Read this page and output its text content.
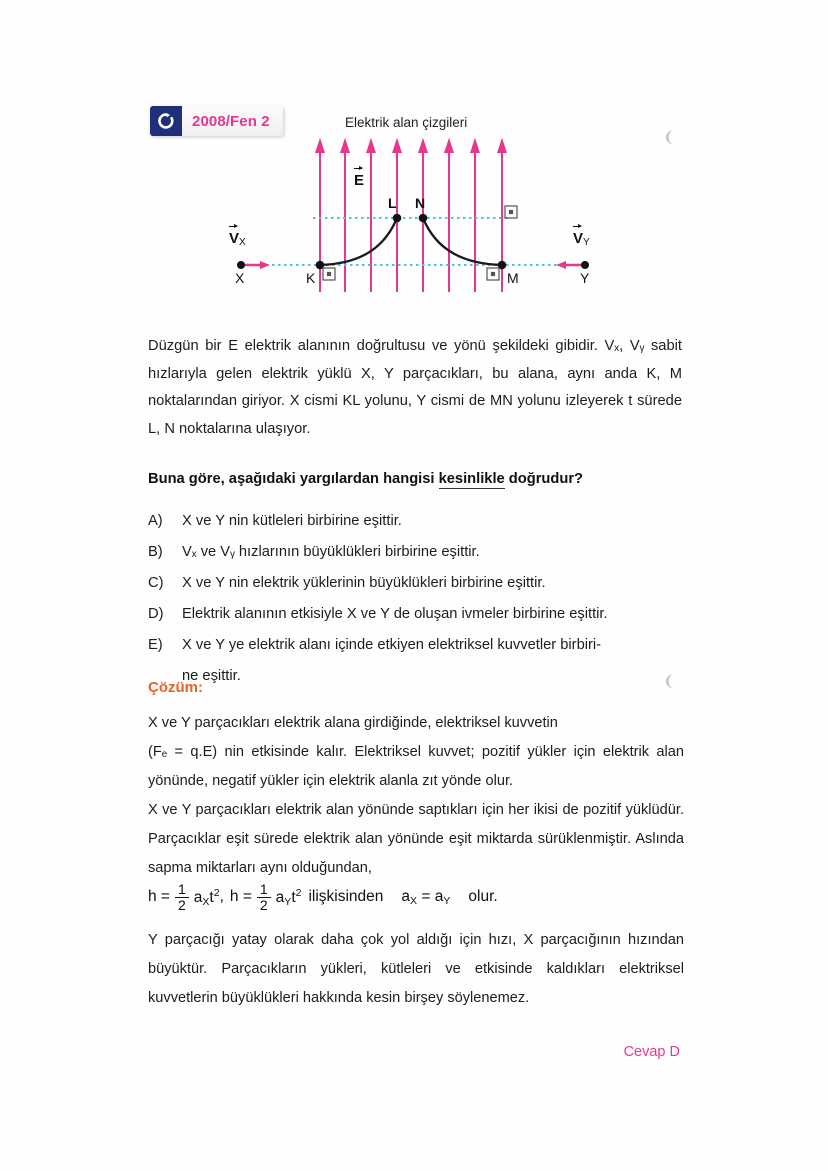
2008/Fen 2	Elektrik alan çizgileri
E
L N
X	K	M	Y
$V_X$	$V_Y$

Düzgün bir E elektrik alanının doğrultusu ve yönü şekildeki gibidir. Vₓ, Vᵧ sabit hızlarıyla gelen elektrik yüklü X, Y parçacıkları, bu alana, aynı anda K, M noktalarından giriyor. X cismi KL yolunu, Y cismi de MN yolunu izleyerek t sürede L, N noktalarına ulaşıyor.

Buna göre, aşağıdaki yargılardan hangisi kesinlikle doğrudur?
A)	X ve Y nin kütleleri birbirine eşittir.
B)	Vₓ ve Vᵧ hızlarının büyüklükleri birbirine eşittir.
C)	X ve Y nin elektrik yüklerinin büyüklükleri birbirine eşittir.
D)	Elektrik alanının etkisiyle X ve Y de oluşan ivmeler birbirine eşittir.
E)	X ve Y ye elektrik alanı içinde etkiyen elektriksel kuvvetler birbiri-
ne eşittir.
Çözüm:

X ve Y parçacıkları elektrik alana girdiğinde, elektriksel kuvvetin

(Fₑ = q.E) nin etkisinde kalır. Elektriksel kuvvet; pozitif yükler için elektrik alan yönünde, negatif yükler için elektrik alanla zıt yönde olur.

X ve Y parçacıkları elektrik alan yönünde saptıkları için her ikisi de pozitif yüklüdür. Parçacıklar eşit sürede elektrik alan yönünde eşit miktarda sürüklenmiştir. Aslında sapma miktarları aynı olduğundan,

$h = \frac{1}{2} aXt^2$ , $h = \frac{1}{2} aYt^2$ ilişkisinden	aX = aY	olur.

Y parçacığı yatay olarak daha çok yol aldığı için hızı, X parçacığının hızından büyüktür. Parçacıkların yükleri, kütleleri ve etkisinde kaldıkları elektriksel kuvvetlerin büyüklükleri hakkında kesin birşey söylenemez.

Cevap D
❨
❨
